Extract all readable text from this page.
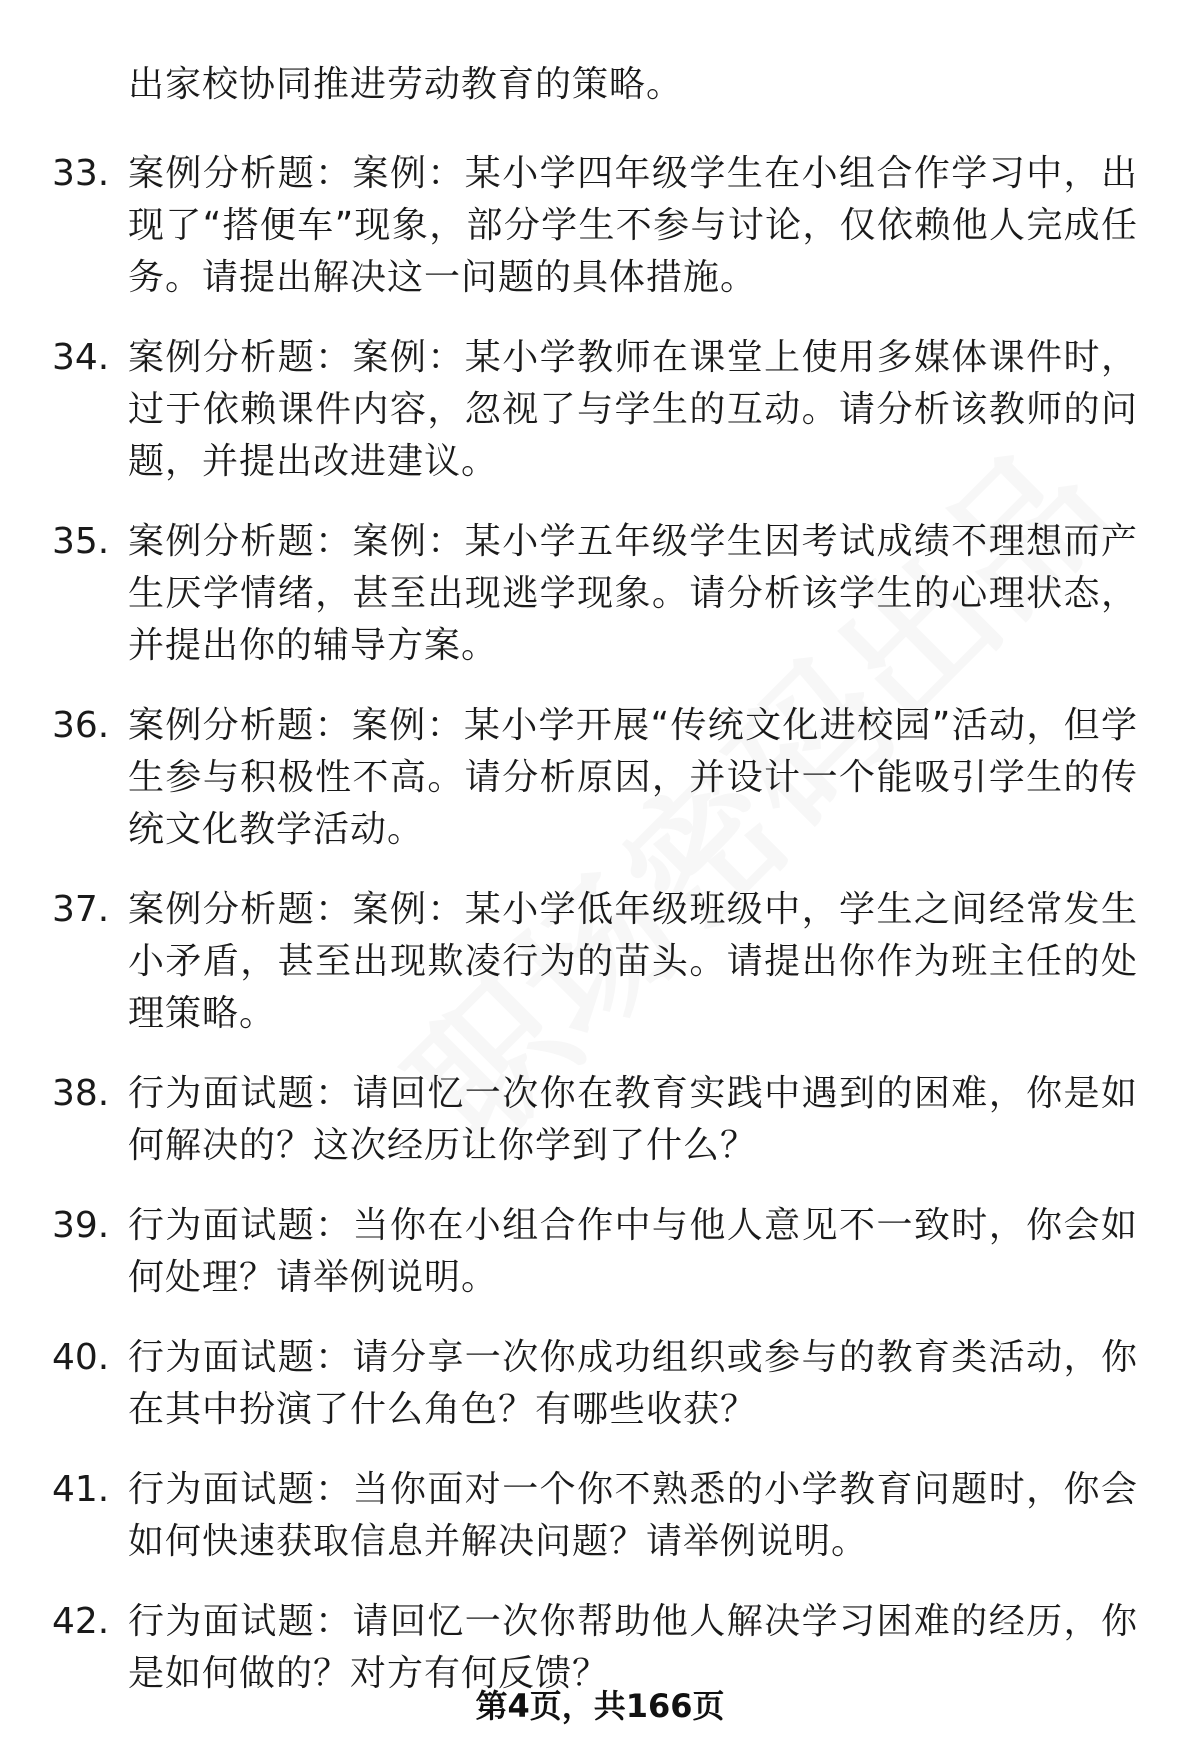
出家校协同推进劳动教育的策略。
33. 案例分析题：案例：某小学四年级学生在小组合作学习中，出现了“搭便车”现象，部分学生不参与讨论，仅依赖他人完成任务。请提出解决这一问题的具体措施。
34. 案例分析题：案例：某小学教师在课堂上使用多媒体课件时，过于依赖课件内容，忽视了与学生的互动。请分析该教师的问题，并提出改进建议。
35. 案例分析题：案例：某小学五年级学生因考试成绩不理想而产生厌学情绪，甚至出现逃学现象。请分析该学生的心理状态，并提出你的辅导方案。
36. 案例分析题：案例：某小学开展“传统文化进校园”活动，但学生参与积极性不高。请分析原因，并设计一个能吸引学生的传统文化教学活动。
37. 案例分析题：案例：某小学低年级班级中，学生之间经常发生小矛盾，甚至出现欺凌行为的苗头。请提出你作为班主任的处理策略。
38. 行为面试题：请回忆一次你在教育实践中遇到的困难，你是如何解决的？这次经历让你学到了什么？
39. 行为面试题：当你在小组合作中与他人意见不一致时，你会如何处理？请举例说明。
40. 行为面试题：请分享一次你成功组织或参与的教育类活动，你在其中扮演了什么角色？有哪些收获？
41. 行为面试题：当你面对一个你不熟悉的小学教育问题时，你会如何快速获取信息并解决问题？请举例说明。
42. 行为面试题：请回忆一次你帮助他人解决学习困难的经历，你是如何做的？对方有何反馈？
第4页，共166页
